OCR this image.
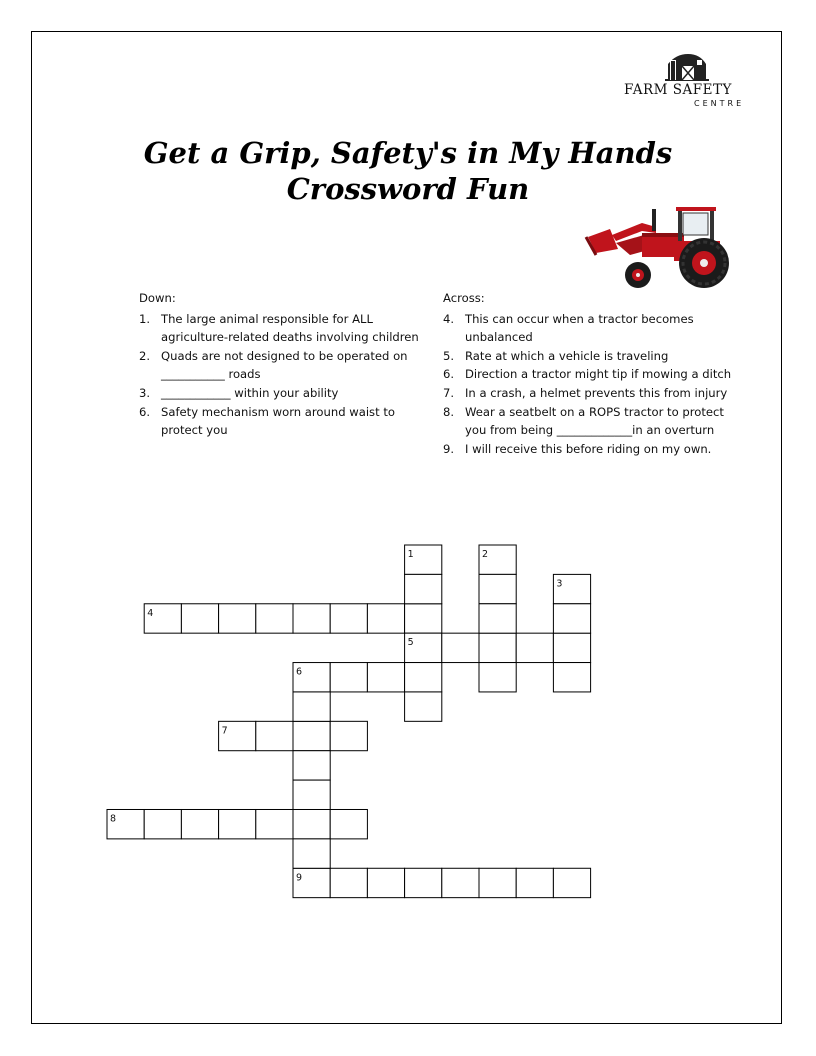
FARM SAFETY
CENTRE
Get a Grip, Safety's in My Hands
Crossword Fun
Down:
1. The large animal responsible for ALL agriculture-related deaths involving children
2. Quads are not designed to be operated on ___________ roads
3. ____________ within your ability
6. Safety mechanism worn around waist to protect you
Across:
4. This can occur when a tractor becomes unbalanced
5. Rate at which a vehicle is traveling
6. Direction a tractor might tip if mowing a ditch
7. In a crash, a helmet prevents this from injury
8. Wear a seatbelt on a ROPS tractor to protect you from being _____________in an overturn
9. I will receive this before riding on my own.
1	2
3
4
5
6
7
8
9
